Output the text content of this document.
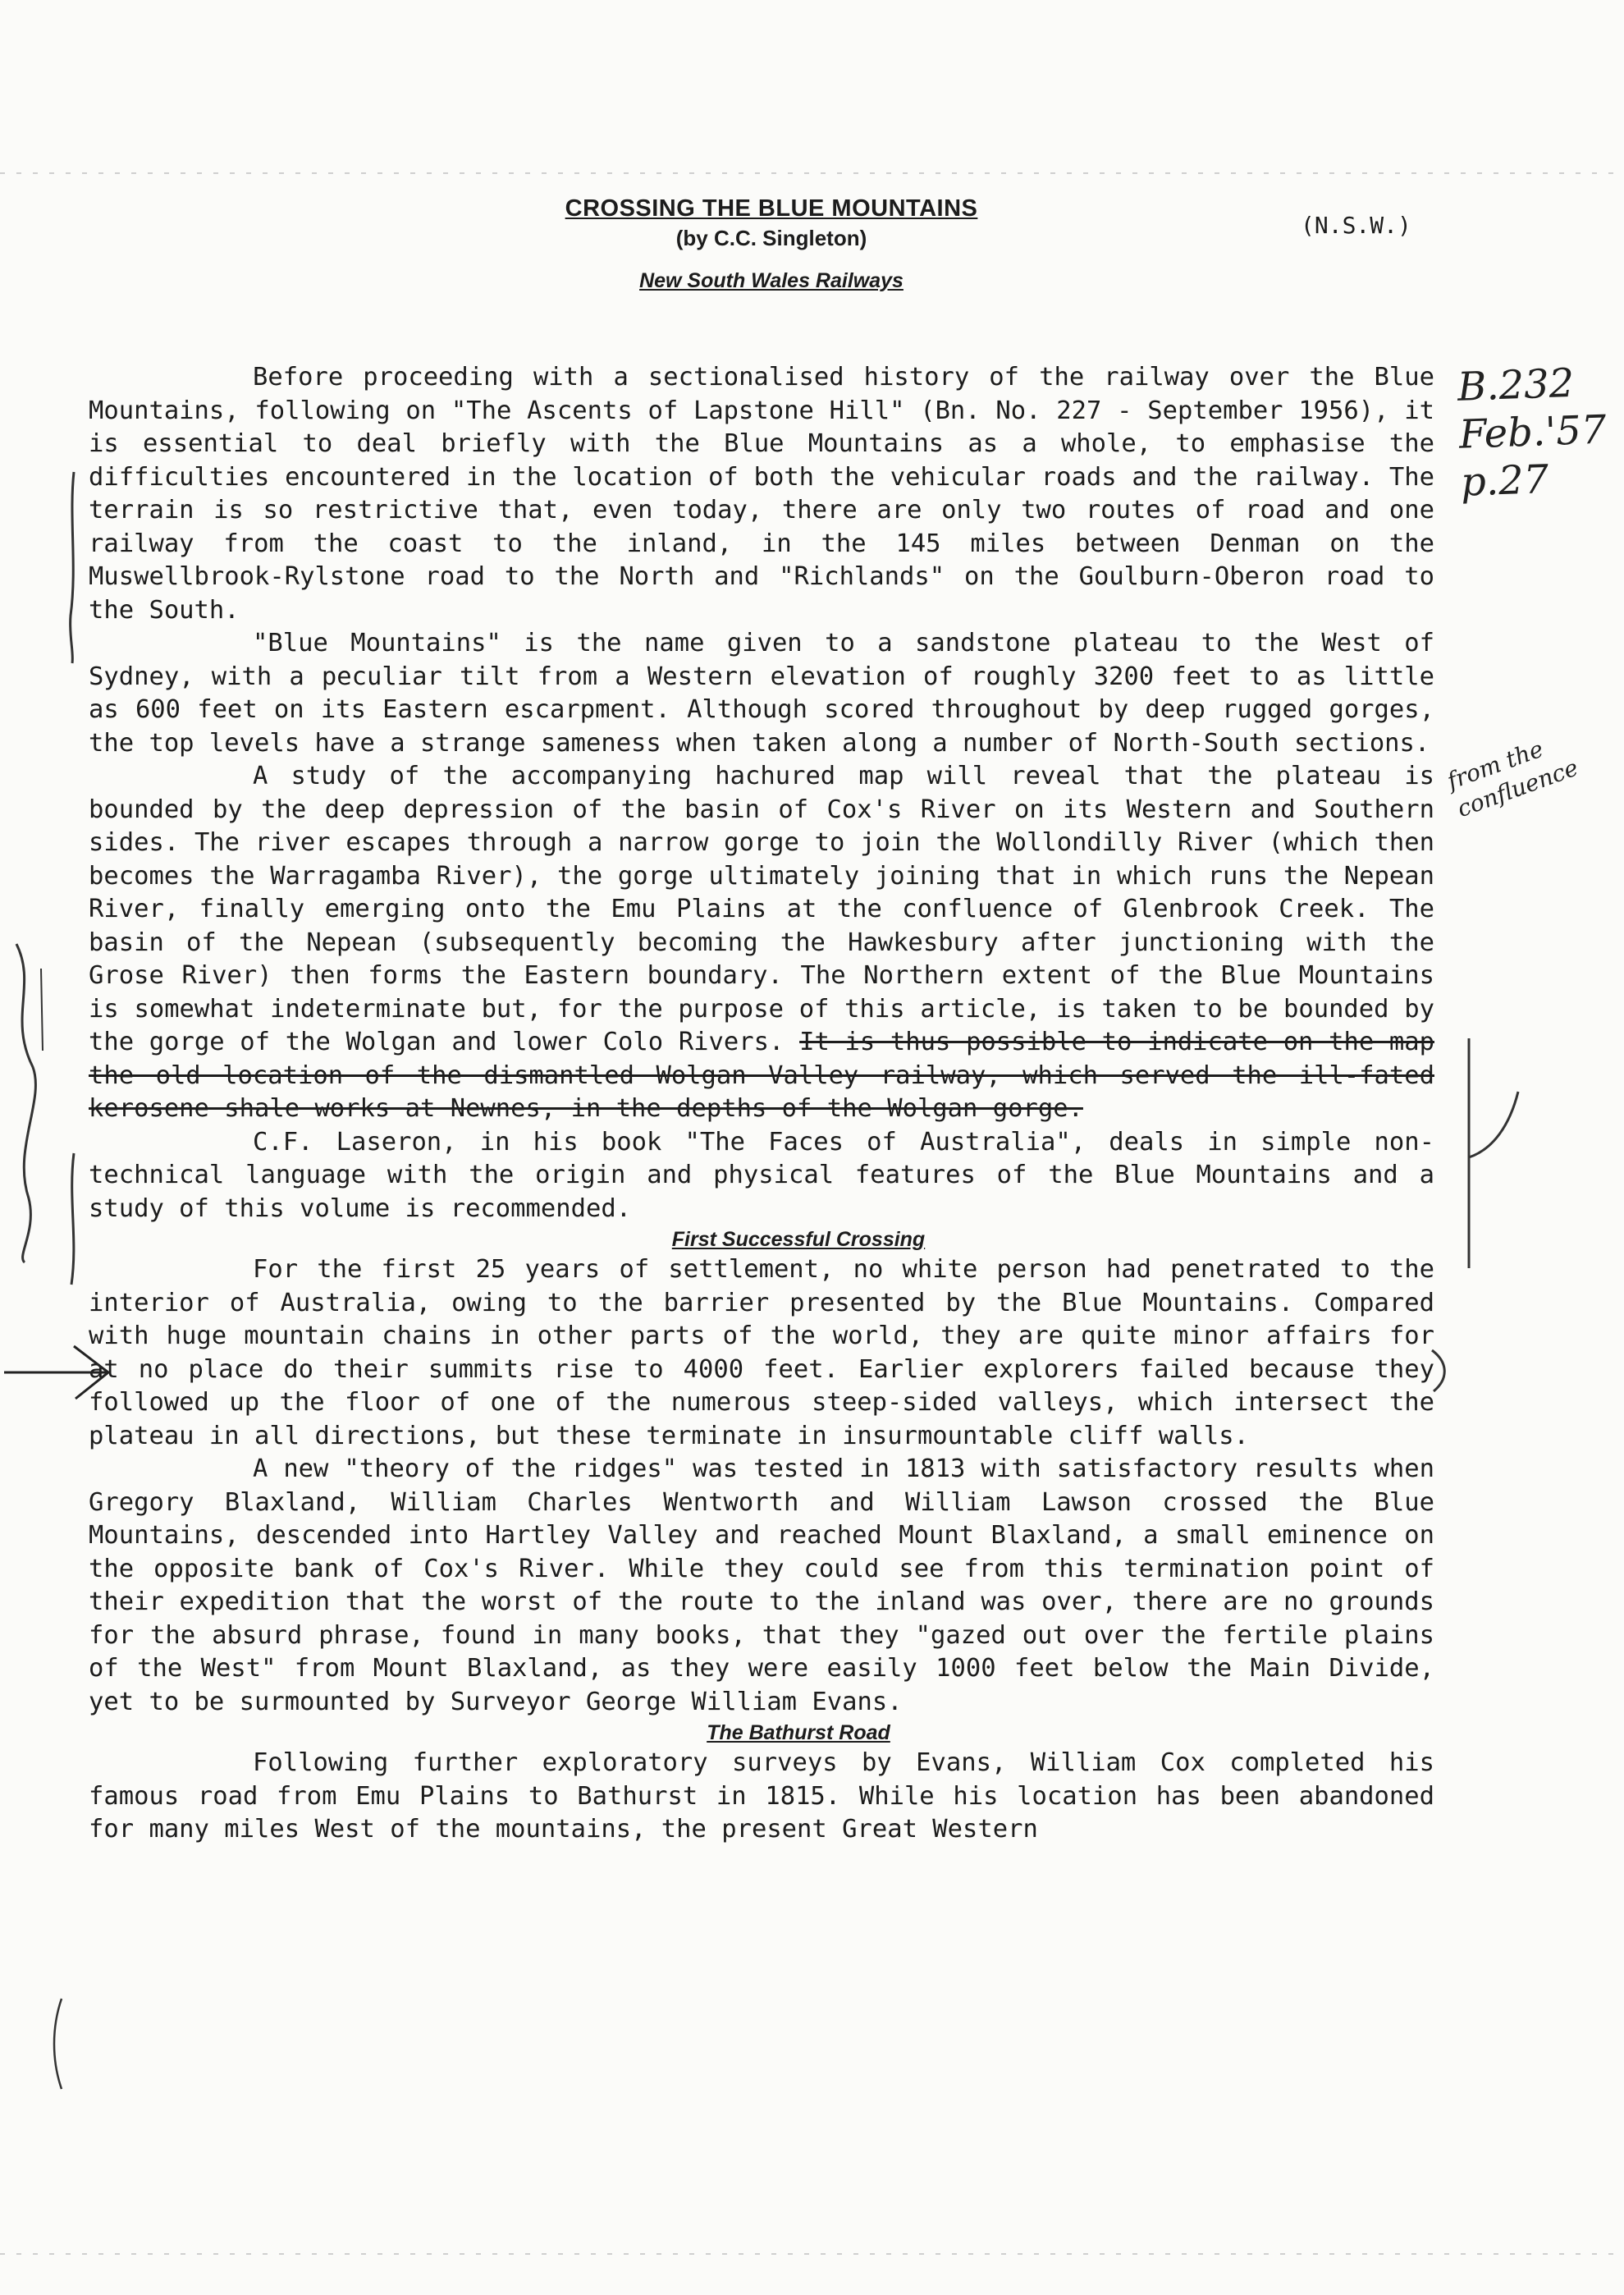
CROSSING THE BLUE MOUNTAINS
(by C.C. Singleton)
New South Wales Railways
(N.S.W.)
B.232
Feb.'57
p.27
from the confluence

Before proceeding with a sectionalised history of the railway over the Blue Mountains, following on "The Ascents of Lapstone Hill" (Bn. No. 227 - September 1956), it is essential to deal briefly with the Blue Mountains as a whole, to emphasise the difficulties encountered in the location of both the vehicular roads and the railway. The terrain is so restrictive that, even today, there are only two routes of road and one railway from the coast to the inland, in the 145 miles between Denman on the Muswellbrook-Rylstone road to the North and "Richlands" on the Goulburn-Oberon road to the South.

"Blue Mountains" is the name given to a sandstone plateau to the West of Sydney, with a peculiar tilt from a Western elevation of roughly 3200 feet to as little as 600 feet on its Eastern escarpment. Although scored throughout by deep rugged gorges, the top levels have a strange sameness when taken along a number of North-South sections.

A study of the accompanying hachured map will reveal that the plateau is bounded by the deep depression of the basin of Cox's River on its Western and Southern sides. The river escapes through a narrow gorge to join the Wollondilly River (which then becomes the Warragamba River), the gorge ultimately joining that in which runs the Nepean River, finally emerging onto the Emu Plains at the confluence of Glenbrook Creek. The basin of the Nepean (subsequently becoming the Hawkesbury after junctioning with the Grose River) then forms the Eastern boundary. The Northern extent of the Blue Mountains is somewhat indeterminate but, for the purpose of this article, is taken to be bounded by the gorge of the Wolgan and lower Colo Rivers. It is thus possible to indicate on the map the old location of the dismantled Wolgan Valley railway, which served the ill-fated kerosene shale works at Newnes, in the depths of the Wolgan gorge.

C.F. Laseron, in his book "The Faces of Australia", deals in simple non-technical language with the origin and physical features of the Blue Mountains and a study of this volume is recommended.

First Successful Crossing

For the first 25 years of settlement, no white person had penetrated to the interior of Australia, owing to the barrier presented by the Blue Mountains. Compared with huge mountain chains in other parts of the world, they are quite minor affairs for at no place do their summits rise to 4000 feet. Earlier explorers failed because they followed up the floor of one of the numerous steep-sided valleys, which intersect the plateau in all directions, but these terminate in insurmountable cliff walls.

A new "theory of the ridges" was tested in 1813 with satisfactory results when Gregory Blaxland, William Charles Wentworth and William Lawson crossed the Blue Mountains, descended into Hartley Valley and reached Mount Blaxland, a small eminence on the opposite bank of Cox's River. While they could see from this termination point of their expedition that the worst of the route to the inland was over, there are no grounds for the absurd phrase, found in many books, that they "gazed out over the fertile plains of the West" from Mount Blaxland, as they were easily 1000 feet below the Main Divide, yet to be surmounted by Surveyor George William Evans.

The Bathurst Road

Following further exploratory surveys by Evans, William Cox completed his famous road from Emu Plains to Bathurst in 1815. While his location has been abandoned for many miles West of the mountains, the present Great Western
